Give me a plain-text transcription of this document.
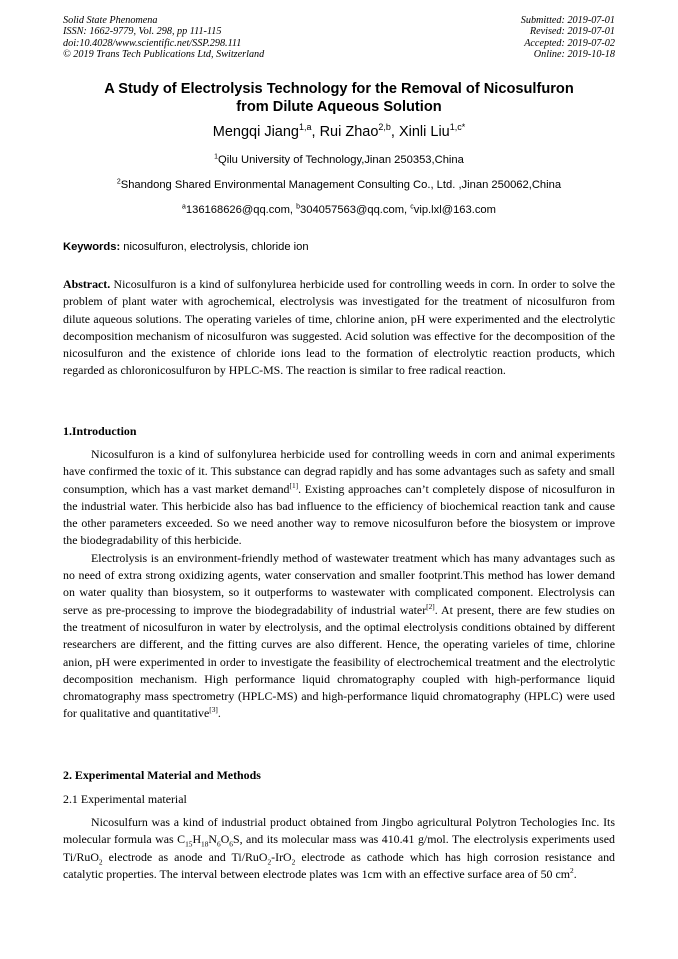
Solid State Phenomena
ISSN: 1662-9779, Vol. 298, pp 111-115
doi:10.4028/www.scientific.net/SSP.298.111
© 2019 Trans Tech Publications Ltd, Switzerland
Submitted: 2019-07-01
Revised: 2019-07-01
Accepted: 2019-07-02
Online: 2019-10-18
A Study of Electrolysis Technology for the Removal of Nicosulfuron
from Dilute Aqueous Solution
Mengqi Jiang$^{1,a}$, Rui Zhao$^{2,b}$, Xinli Liu$^{1,c*}$
$^1$Qilu University of Technology,Jinan 250353,China
$^2$Shandong Shared Environmental Management Consulting Co., Ltd. ,Jinan 250062,China
$^a$136168626@qq.com, $^b$304057563@qq.com, $^c$vip.lxl@163.com
Keywords: nicosulfuron, electrolysis, chloride ion

Abstract. Nicosulfuron is a kind of sulfonylurea herbicide used for controlling weeds in corn. In order to solve the problem of plant water with agrochemical, electrolysis was investigated for the treatment of nicosulfuron from dilute aqueous solutions. The operating varieles of time, chlorine anion, pH were experimented and the electrolytic decomposition mechanism of nicosulfuron was suggested. Acid solution was effective for the decomposition of the nicosulfuron and the existence of chloride ions lead to the formation of electrolytic reaction products, which regarded as chloronicosulfuron by HPLC-MS. The reaction is similar to free radical reaction.

1.Introduction

Nicosulfuron is a kind of sulfonylurea herbicide used for controlling weeds in corn and animal experiments have confirmed the toxic of it. This substance can degrad rapidly and has some advantages such as safety and small consumption, which has a vast market demand[1]. Existing approaches can’t completely dispose of nicosulfuron in the industrial water. This herbicide also has bad influence to the efficiency of biochemical reaction tank and cause the other parameters exceeded. So we need another way to remove nicosulfuron before the biosystem or improve the biodegradability of this herbicide.

Electrolysis is an environment-friendly method of wastewater treatment which has many advantages such as no need of extra strong oxidizing agents, water conservation and smaller footprint.This method has lower demand on water quality than biosystem, so it outperforms to wastewater with complicated component. Electrolysis can serve as pre-processing to improve the biodegradability of industrial water[2]. At present, there are few studies on the treatment of nicosulfuron in water by electrolysis, and the optimal electrolysis conditions obtained by different researchers are different, and the fitting curves are also different. Hence, the operating varieles of time, chlorine anion, pH were experimented in order to investigate the feasibility of electrochemical treatment and the electrolytic decomposition mechanism. High performance liquid chromatography coupled with high-performance liquid chromatography mass spectrometry (HPLC-MS) and high-performance liquid chromatography (HPLC) were used for qualitative and quantitative[3].

2. Experimental Material and Methods
2.1 Experimental material

Nicosulfurn was a kind of industrial product obtained from Jingbo agricultural Polytron Techologies Inc. Its molecular formula was $C_{15}H_{18}N_6O_6S$, and its molecular mass was 410.41 g/mol. The electrolysis experiments used Ti/RuO$_2$ electrode as anode and Ti/RuO$_2$-IrO$_2$ electrode as cathode which has high corrosion resistance and catalytic properties. The interval between electrode plates was 1cm with an effective surface area of 50 $cm^2$.
